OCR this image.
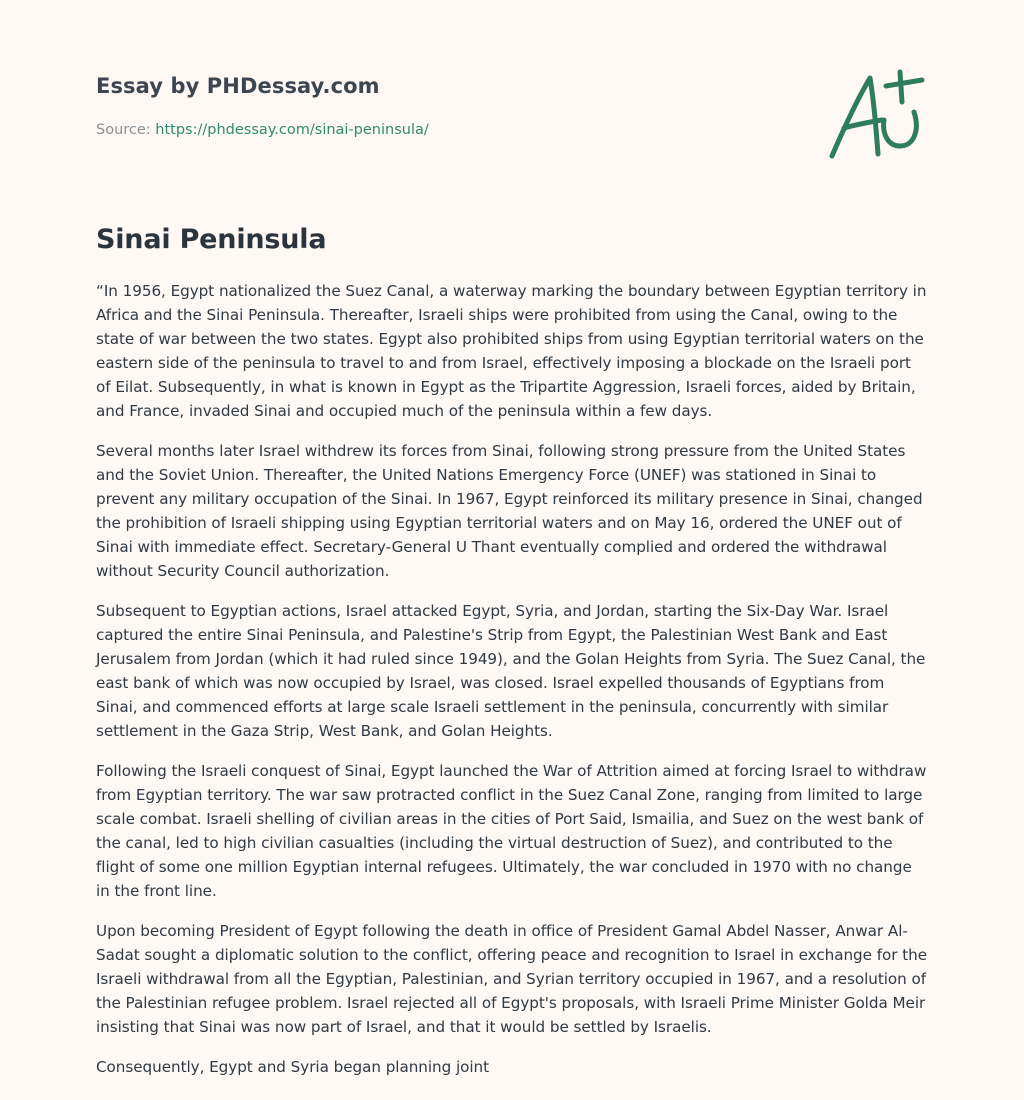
Essay by PHDessay.com
Source: https://phdessay.com/sinai-peninsula/
Sinai Peninsula

“In 1956, Egypt nationalized the Suez Canal, a waterway marking the boundary between Egyptian territory in Africa and the Sinai Peninsula. Thereafter, Israeli ships were prohibited from using the Canal, owing to the state of war between the two states. Egypt also prohibited ships from using Egyptian territorial waters on the eastern side of the peninsula to travel to and from Israel, effectively imposing a blockade on the Israeli port of Eilat. Subsequently, in what is known in Egypt as the Tripartite Aggression, Israeli forces, aided by Britain, and France, invaded Sinai and occupied much of the peninsula within a few days.

Several months later Israel withdrew its forces from Sinai, following strong pressure from the United States and the Soviet Union. Thereafter, the United Nations Emergency Force (UNEF) was stationed in Sinai to prevent any military occupation of the Sinai. In 1967, Egypt reinforced its military presence in Sinai, changed the prohibition of Israeli shipping using Egyptian territorial waters and on May 16, ordered the UNEF out of Sinai with immediate effect. Secretary-General U Thant eventually complied and ordered the withdrawal without Security Council authorization.

Subsequent to Egyptian actions, Israel attacked Egypt, Syria, and Jordan, starting the Six-Day War. Israel captured the entire Sinai Peninsula, and Palestine's Strip from Egypt, the Palestinian West Bank and East Jerusalem from Jordan (which it had ruled since 1949), and the Golan Heights from Syria. The Suez Canal, the east bank of which was now occupied by Israel, was closed. Israel expelled thousands of Egyptians from Sinai, and commenced efforts at large scale Israeli settlement in the peninsula, concurrently with similar settlement in the Gaza Strip, West Bank, and Golan Heights.

Following the Israeli conquest of Sinai, Egypt launched the War of Attrition aimed at forcing Israel to withdraw from Egyptian territory. The war saw protracted conflict in the Suez Canal Zone, ranging from limited to large scale combat. Israeli shelling of civilian areas in the cities of Port Said, Ismailia, and Suez on the west bank of the canal, led to high civilian casualties (including the virtual destruction of Suez), and contributed to the flight of some one million Egyptian internal refugees. Ultimately, the war concluded in 1970 with no change in the front line.

Upon becoming President of Egypt following the death in office of President Gamal Abdel Nasser, Anwar Al-Sadat sought a diplomatic solution to the conflict, offering peace and recognition to Israel in exchange for the Israeli withdrawal from all the Egyptian, Palestinian, and Syrian territory occupied in 1967, and a resolution of the Palestinian refugee problem. Israel rejected all of Egypt's proposals, with Israeli Prime Minister Golda Meir insisting that Sinai was now part of Israel, and that it would be settled by Israelis.

Consequently, Egypt and Syria began planning joint
